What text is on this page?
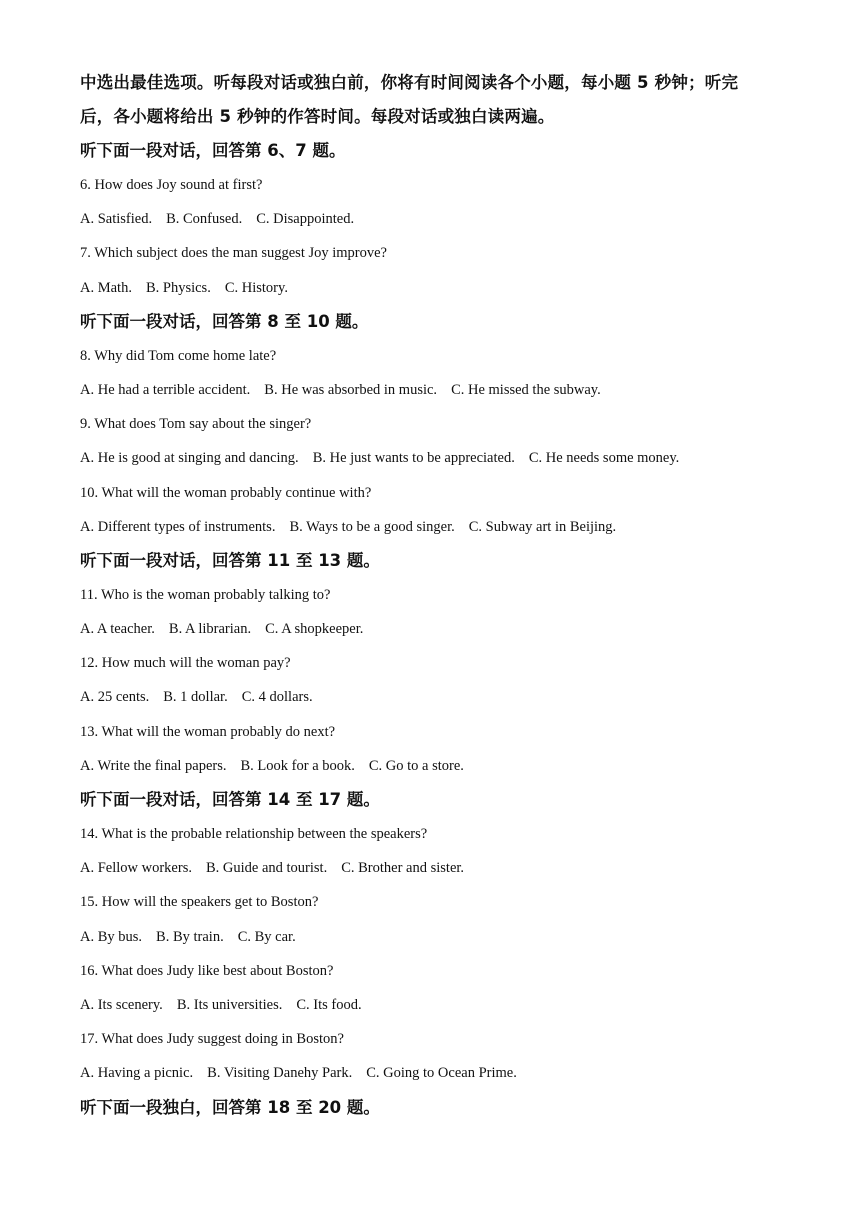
中选出最佳选项。听每段对话或独白前，你将有时间阅读各个小题，每小题 5 秒钟；听完
后，各小题将给出 5 秒钟的作答时间。每段对话或独白读两遍。
听下面一段对话，回答第 6、7 题。
6. How does Joy sound at first?
A. Satisfied. B. Confused. C. Disappointed.
7. Which subject does the man suggest Joy improve?
A. Math. B. Physics. C. History.
听下面一段对话，回答第 8 至 10 题。
8. Why did Tom come home late?
A. He had a terrible accident. B. He was absorbed in music. C. He missed the subway.
9. What does Tom say about the singer?
A. He is good at singing and dancing. B. He just wants to be appreciated. C. He needs some money.
10. What will the woman probably continue with?
A. Different types of instruments. B. Ways to be a good singer. C. Subway art in Beijing.
听下面一段对话，回答第 11 至 13 题。
11. Who is the woman probably talking to?
A. A teacher. B. A librarian. C. A shopkeeper.
12. How much will the woman pay?
A. 25 cents. B. 1 dollar. C. 4 dollars.
13. What will the woman probably do next?
A. Write the final papers. B. Look for a book. C. Go to a store.
听下面一段对话，回答第 14 至 17 题。
14. What is the probable relationship between the speakers?
A. Fellow workers. B. Guide and tourist. C. Brother and sister.
15. How will the speakers get to Boston?
A. By bus. B. By train. C. By car.
16. What does Judy like best about Boston?
A. Its scenery. B. Its universities. C. Its food.
17. What does Judy suggest doing in Boston?
A. Having a picnic. B. Visiting Danehy Park. C. Going to Ocean Prime.
听下面一段独白，回答第 18 至 20 题。
